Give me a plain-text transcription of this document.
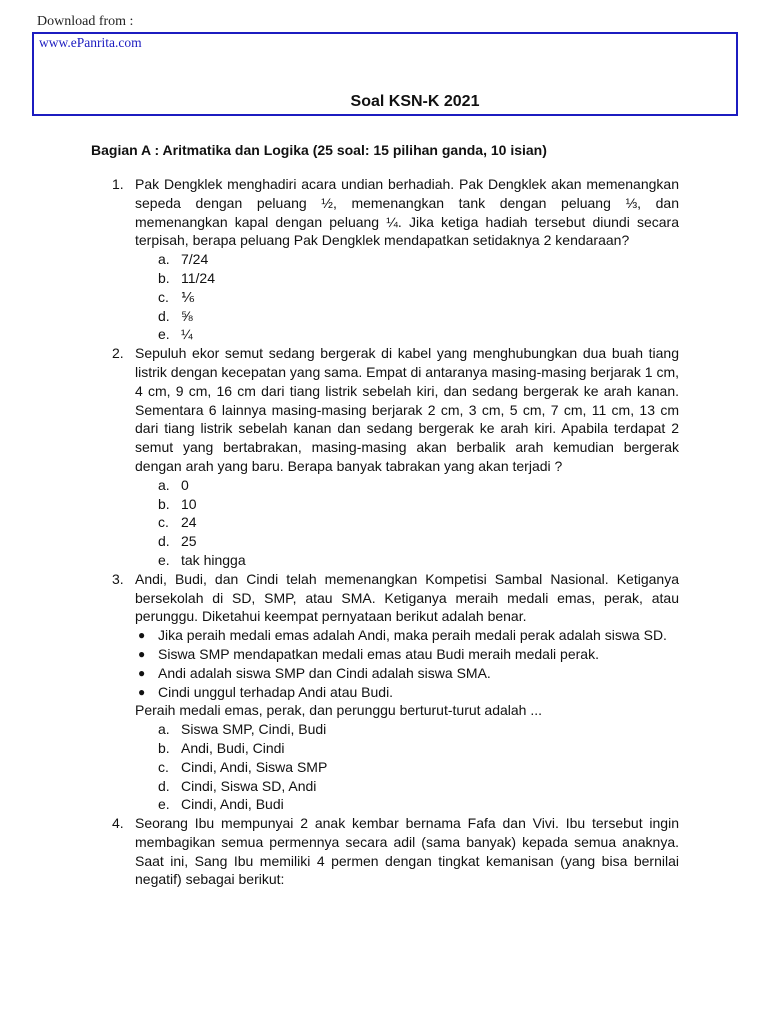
Download from :
www.ePanrita.com
Soal KSN-K 2021
Bagian A : Aritmatika dan Logika (25 soal: 15 pilihan ganda, 10 isian)
1. Pak Dengklek menghadiri acara undian berhadiah. Pak Dengklek akan memenangkan sepeda dengan peluang ½, memenangkan tank dengan peluang ⅓, dan memenangkan kapal dengan peluang ¼. Jika ketiga hadiah tersebut diundi secara terpisah, berapa peluang Pak Dengklek mendapatkan setidaknya 2 kendaraan?
a. 7/24
b. 11/24
c. ⅙
d. ⅝
e. ¼
2. Sepuluh ekor semut sedang bergerak di kabel yang menghubungkan dua buah tiang listrik dengan kecepatan yang sama. Empat di antaranya masing-masing berjarak 1 cm, 4 cm, 9 cm, 16 cm dari tiang listrik sebelah kiri, dan sedang bergerak ke arah kanan. Sementara 6 lainnya masing-masing berjarak 2 cm, 3 cm, 5 cm, 7 cm, 11 cm, 13 cm dari tiang listrik sebelah kanan dan sedang bergerak ke arah kiri. Apabila terdapat 2 semut yang bertabrakan, masing-masing akan berbalik arah kemudian bergerak dengan arah yang baru. Berapa banyak tabrakan yang akan terjadi ?
a. 0
b. 10
c. 24
d. 25
e. tak hingga
3. Andi, Budi, dan Cindi telah memenangkan Kompetisi Sambal Nasional. Ketiganya bersekolah di SD, SMP, atau SMA. Ketiganya meraih medali emas, perak, atau perunggu. Diketahui keempat pernyataan berikut adalah benar.
● Jika peraih medali emas adalah Andi, maka peraih medali perak adalah siswa SD.
● Siswa SMP mendapatkan medali emas atau Budi meraih medali perak.
● Andi adalah siswa SMP dan Cindi adalah siswa SMA.
● Cindi unggul terhadap Andi atau Budi.
Peraih medali emas, perak, dan perunggu berturut-turut adalah ...
a. Siswa SMP, Cindi, Budi
b. Andi, Budi, Cindi
c. Cindi, Andi, Siswa SMP
d. Cindi, Siswa SD, Andi
e. Cindi, Andi, Budi
4. Seorang Ibu mempunyai 2 anak kembar bernama Fafa dan Vivi. Ibu tersebut ingin membagikan semua permennya secara adil (sama banyak) kepada semua anaknya. Saat ini, Sang Ibu memiliki 4 permen dengan tingkat kemanisan (yang bisa bernilai negatif) sebagai berikut:
